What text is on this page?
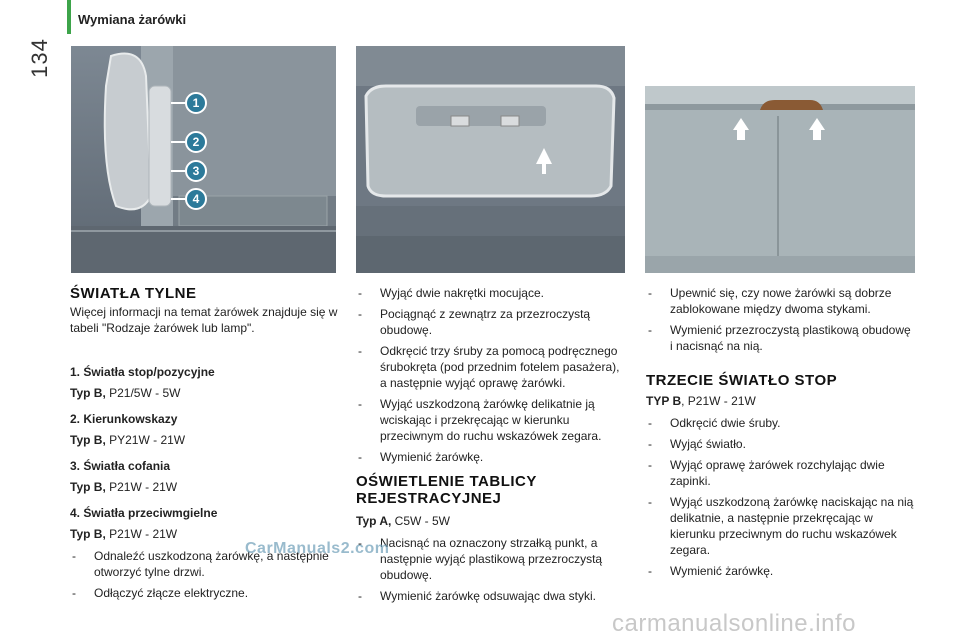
134
Wymiana żarówki
1
2
3
4
ŚWIATŁA TYLNE

Więcej informacji na temat żarówek znajduje się w tabeli "Rodzaje żarówek lub lamp".

1. Światła stop/pozycyjne
Typ B, P21/5W - 5W
2. Kierunkowskazy
Typ B, PY21W - 21W
3. Światła cofania
Typ B, P21W - 21W
4. Światła przeciwmgielne
Typ B, P21W - 21W
- Odnaleźć uszkodzoną żarówkę, a następnie otworzyć tylne drzwi.
- Odłączyć złącze elektryczne.
- Wyjąć dwie nakrętki mocujące.
- Pociągnąć z zewnątrz za przezroczystą obudowę.
- Odkręcić trzy śruby za pomocą podręcznego śrubokręta (pod przednim fotelem pasażera), a następnie wyjąć oprawę żarówki.
- Wyjąć uszkodzoną żarówkę delikatnie ją wciskając i przekręcając w kierunku przeciwnym do ruchu wskazówek zegara.
- Wymienić żarówkę.
OŚWIETLENIE TABLICY REJESTRACYJNEJ
Typ A, C5W - 5W
- Nacisnąć na oznaczony strzałką punkt, a następnie wyjąć plastikową przezroczystą obudowę.
- Wymienić żarówkę odsuwając dwa styki.
- Upewnić się, czy nowe żarówki są dobrze zablokowane między dwoma stykami.
- Wymienić przezroczystą plastikową obudowę i nacisnąć na nią.
TRZECIE ŚWIATŁO STOP
TYP B, P21W - 21W
- Odkręcić dwie śruby.
- Wyjąć światło.
- Wyjąć oprawę żarówek rozchylając dwie zapinki.
- Wyjąć uszkodzoną żarówkę naciskając na nią delikatnie, a następnie przekręcając w kierunku przeciwnym do ruchu wskazówek zegara.
- Wymienić żarówkę.
CarManuals2.com
carmanualsonline.info
